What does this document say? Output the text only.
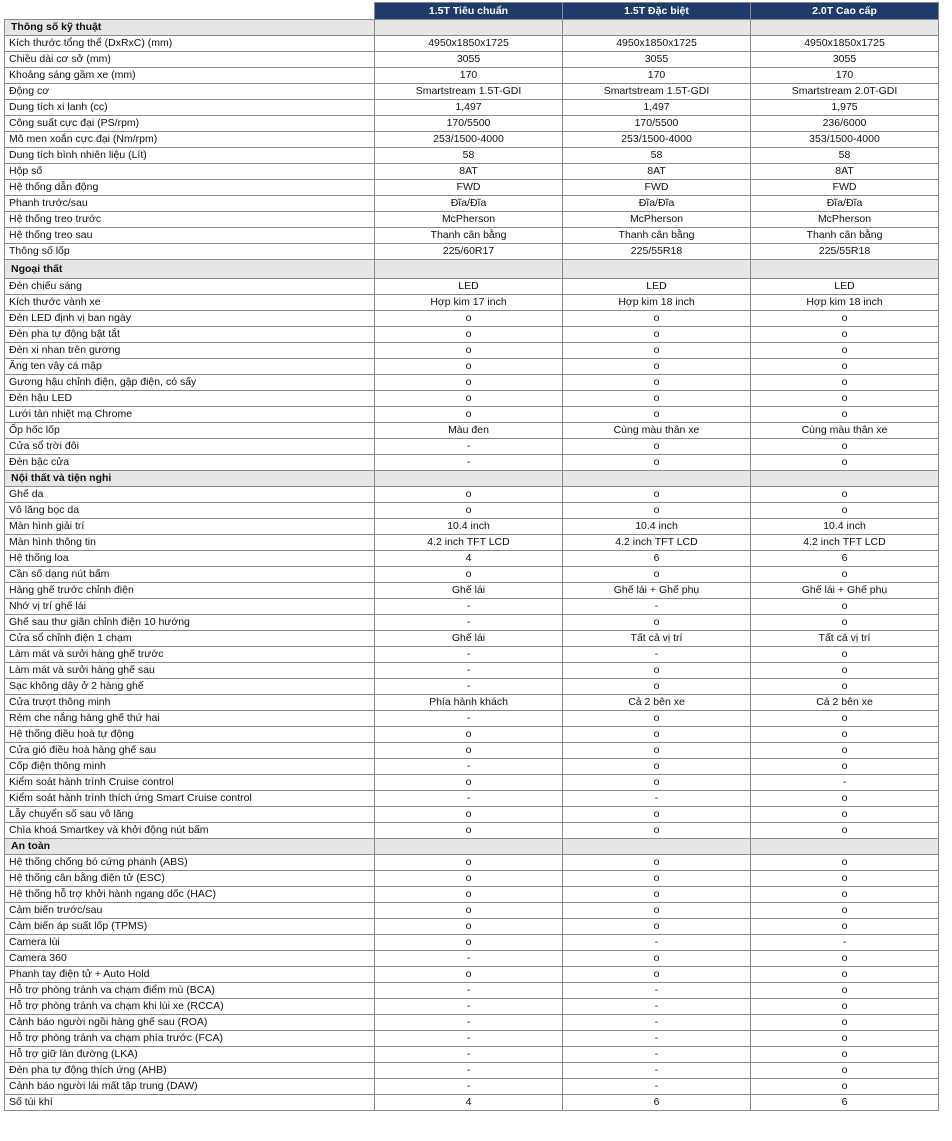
	1.5T Tiêu chuẩn	1.5T Đặc biệt	2.0T Cao cấp
Thông số kỹ thuật			
Kích thước tổng thể (DxRxC) (mm)	4950x1850x1725	4950x1850x1725	4950x1850x1725
Chiều dài cơ sở (mm)	3055	3055	3055
Khoảng sáng gầm xe (mm)	170	170	170
Động cơ	Smartstream 1.5T-GDI	Smartstream 1.5T-GDI	Smartstream 2.0T-GDI
Dung tích xi lanh (cc)	1,497	1,497	1,975
Công suất cực đại (PS/rpm)	170/5500	170/5500	236/6000
Mô men xoắn cực đại (Nm/rpm)	253/1500-4000	253/1500-4000	353/1500-4000
Dung tích bình nhiên liệu (Lít)	58	58	58
Hộp số	8AT	8AT	8AT
Hệ thống dẫn động	FWD	FWD	FWD
Phanh trước/sau	Đĩa/Đĩa	Đĩa/Đĩa	Đĩa/Đĩa
Hệ thống treo trước	McPherson	McPherson	McPherson
Hệ thống treo sau	Thanh cân bằng	Thanh cân bằng	Thanh cân bằng
Thông số lốp	225/60R17	225/55R18	225/55R18
Ngoại thất			
Đèn chiếu sáng	LED	LED	LED
Kích thước vành xe	Hợp kim 17 inch	Hợp kim 18 inch	Hợp kim 18 inch
Đèn LED định vị ban ngày	o	o	o
Đèn pha tự động bật tắt	o	o	o
Đèn xi nhan trên gương	o	o	o
Ăng ten vây cá mập	o	o	o
Gương hậu chỉnh điện, gập điện, có sấy	o	o	o
Đèn hậu LED	o	o	o
Lưới tản nhiệt mạ Chrome	o	o	o
Ốp hốc lốp	Màu đen	Cùng màu thân xe	Cùng màu thân xe
Cửa sổ trời đôi	-	o	o
Đèn bậc cửa	-	o	o
Nội thất và tiện nghi			
Ghế da	o	o	o
Vô lăng bọc da	o	o	o
Màn hình giải trí	10.4 inch	10.4 inch	10.4 inch
Màn hình thông tin	4.2 inch TFT LCD	4.2 inch TFT LCD	4.2 inch TFT LCD
Hệ thống loa	4	6	6
Cần số dạng nút bấm	o	o	o
Hàng ghế trước chỉnh điện	Ghế lái	Ghế lái + Ghế phụ	Ghế lái + Ghế phụ
Nhớ vị trí ghế lái	-	-	o
Ghế sau thư giãn chỉnh điện 10 hướng	-	o	o
Cửa sổ chỉnh điện 1 chạm	Ghế lái	Tất cả vị trí	Tất cả vị trí
Làm mát và sưởi hàng ghế trước	-	-	o
Làm mát và sưởi hàng ghế sau	-	o	o
Sạc không dây ở 2 hàng ghế	-	o	o
Cửa trượt thông minh	Phía hành khách	Cả 2 bên xe	Cả 2 bên xe
Rèm che nắng hàng ghế thứ hai	-	o	o
Hệ thống điều hoà tự động	o	o	o
Cửa gió điều hoà hàng ghế sau	o	o	o
Cốp điện thông minh	-	o	o
Kiểm soát hành trình Cruise control	o	o	-
Kiểm soát hành trình thích ứng Smart Cruise control	-	-	o
Lẫy chuyển số sau vô lăng	o	o	o
Chìa khoá Smartkey và khởi động nút bấm	o	o	o
An toàn			
Hệ thống chống bó cứng phanh (ABS)	o	o	o
Hệ thống cân bằng điện tử (ESC)	o	o	o
Hệ thống hỗ trợ khởi hành ngang dốc (HAC)	o	o	o
Cảm biến trước/sau	o	o	o
Cảm biến áp suất lốp (TPMS)	o	o	o
Camera lùi	o	-	-
Camera 360	-	o	o
Phanh tay điện tử + Auto Hold	o	o	o
Hỗ trợ phòng tránh va chạm điểm mù (BCA)	-	-	o
Hỗ trợ phòng tránh va chạm khi lùi xe (RCCA)	-	-	o
Cảnh báo người ngồi hàng ghế sau (ROA)	-	-	o
Hỗ trợ phòng tránh va chạm phía trước (FCA)	-	-	o
Hỗ trợ giữ làn đường (LKA)	-	-	o
Đèn pha tự động thích ứng (AHB)	-	-	o
Cảnh báo người lái mất tập trung (DAW)	-	-	o
Số túi khí	4	6	6
